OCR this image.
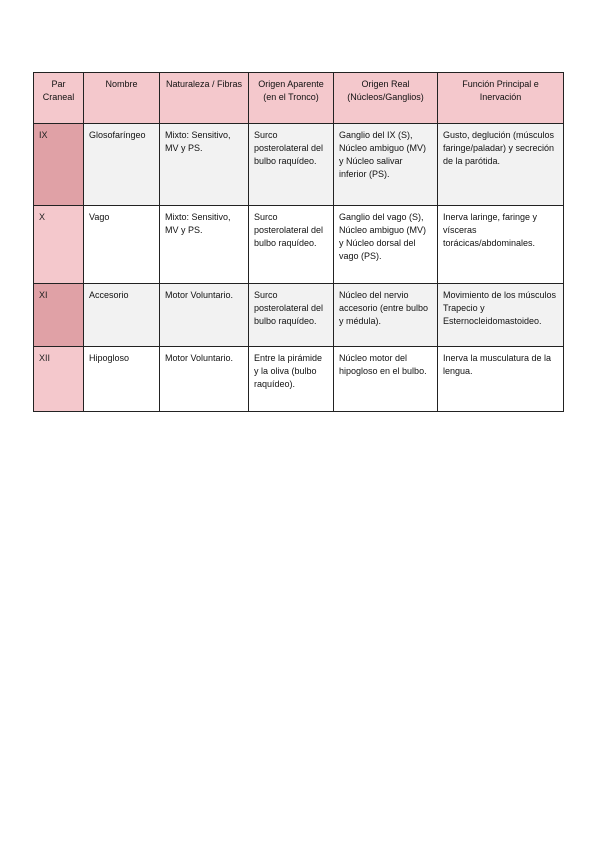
Par Craneal	Nombre	Naturaleza / Fibras	Origen Aparente (en el Tronco)	Origen Real (Núcleos/Ganglios)	Función Principal e Inervación
IX	Glosofaríngeo	Mixto: Sensitivo, MV y PS.	Surco posterolateral del bulbo raquídeo.	Ganglio del IX (S), Núcleo ambiguo (MV) y Núcleo salivar inferior (PS).	Gusto, deglución (músculos faringe/paladar) y secreción de la parótida.
X	Vago	Mixto: Sensitivo, MV y PS.	Surco posterolateral del bulbo raquídeo.	Ganglio del vago (S), Núcleo ambiguo (MV) y Núcleo dorsal del vago (PS).	Inerva laringe, faringe y vísceras torácicas/abdominales.
XI	Accesorio	Motor Voluntario.	Surco posterolateral del bulbo raquídeo.	Núcleo del nervio accesorio (entre bulbo y médula).	Movimiento de los músculos Trapecio y Esternocleidomastoideo.
XII	Hipogloso	Motor Voluntario.	Entre la pirámide y la oliva (bulbo raquídeo).	Núcleo motor del hipogloso en el bulbo.	Inerva la musculatura de la lengua.
